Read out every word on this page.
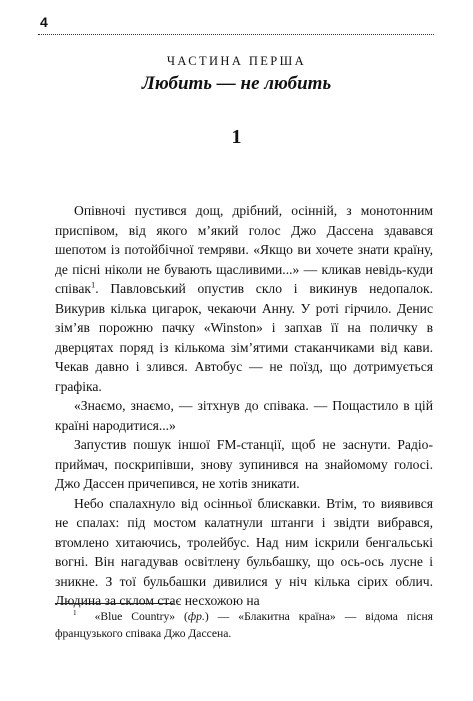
4
ЧАСТИНА ПЕРША
Любить — не любить
1

Опівночі пустився дощ, дрібний, осінній, з монотонним приспівом, від якого м’який голос Джо Дассена здавався шепотом із потойбічної темряви. «Якщо ви хочете знати країну, де пісні ніколи не бувають щасливими...» — кликав невідь-куди співак$^1$. Павловський опустив скло і викинув недопалок. Викурив кілька цигарок, чекаючи Анну. У роті гірчило. Денис зім’яв порожню пачку «Winston» і запхав її на поличку в дверцятах поряд із кількома зім’ятими стаканчиками від кави. Чекав давно і злився. Автобус — не поїзд, що дотримується графіка.

«Знаємо, знаємо, — зітхнув до співака. — Пощастило в цій країні народитися...»

Запустив пошук іншої FM-станції, щоб не заснути. Радіоприймач, поскрипівши, знову зупинився на знайомому голосі. Джо Дассен причепився, не хотів зникати.

Небо спалахнуло від осінньої блискавки. Втім, то виявився не спалах: під мостом калатнули штанги і звідти вибрався, втомлено хитаючись, тролейбус. Над ним іскрили бенгальські вогні. Він нагадував освітлену бульбашку, що ось-ось лусне і зникне. З тої бульбашки дивилися у ніч кілька сірих облич. Людина за склом стає несхожою на

$^1$ «Blue Country» (фр.) — «Блакитна країна» — відома пісня французького співака Джо Дассена.
